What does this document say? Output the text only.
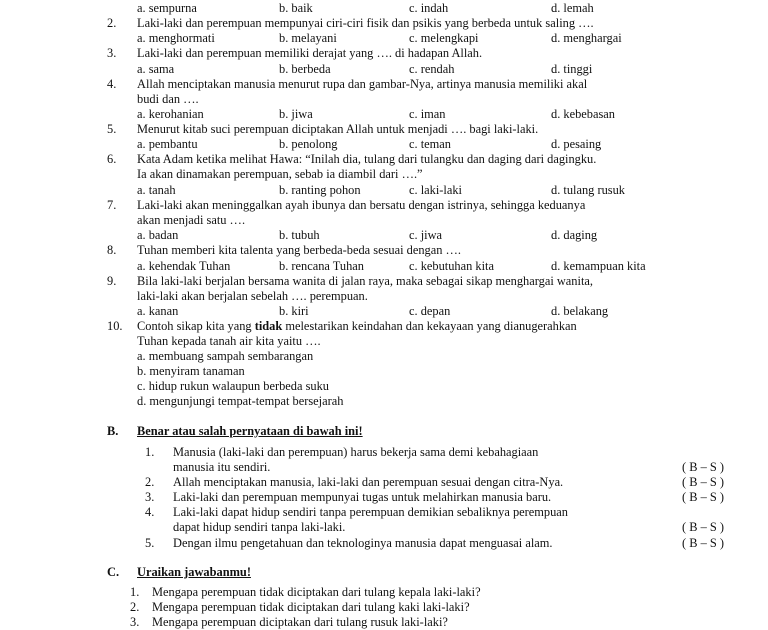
a. sempurna	b. baik	c. indah	d. lemah
2. Laki-laki dan perempuan mempunyai ciri-ciri fisik dan psikis yang berbeda untuk saling ….
a. menghormati	b. melayani	c. melengkapi	d. menghargai
3. Laki-laki dan perempuan memiliki derajat yang …. di hadapan Allah.
a. sama	b. berbeda	c. rendah	d. tinggi
4. Allah menciptakan manusia menurut rupa dan gambar-Nya, artinya manusia memiliki akal
budi dan ….
a. kerohanian	b. jiwa	c. iman	d. kebebasan
5. Menurut kitab suci perempuan diciptakan Allah untuk menjadi …. bagi laki-laki.
a. pembantu	b. penolong	c. teman	d. pesaing
6. Kata Adam ketika melihat Hawa: “Inilah dia, tulang dari tulangku dan daging dari dagingku.
Ia akan dinamakan perempuan, sebab ia diambil dari ….”
a. tanah	b. ranting pohon	c. laki-laki	d. tulang rusuk
7. Laki-laki akan meninggalkan ayah ibunya dan bersatu dengan istrinya, sehingga keduanya
akan menjadi satu ….
a. badan	b. tubuh	c. jiwa	d. daging
8. Tuhan memberi kita talenta yang berbeda-beda sesuai dengan ….
a. kehendak Tuhan	b. rencana Tuhan	c. kebutuhan kita	d. kemampuan kita
9. Bila laki-laki berjalan bersama wanita di jalan raya, maka sebagai sikap menghargai wanita,
laki-laki akan berjalan sebelah …. perempuan.
a. kanan	b. kiri	c. depan	d. belakang
10. Contoh sikap kita yang tidak melestarikan keindahan dan kekayaan yang dianugerahkan
Tuhan kepada tanah air kita yaitu ….
a. membuang sampah sembarangan
b. menyiram tanaman
c. hidup rukun walaupun berbeda suku
d. mengunjungi tempat-tempat bersejarah
B. Benar atau salah pernyataan di bawah ini!
1. Manusia (laki-laki dan perempuan) harus bekerja sama demi kebahagiaan
manusia itu sendiri.	( B – S )
2. Allah menciptakan manusia, laki-laki dan perempuan sesuai dengan citra-Nya.	( B – S )
3. Laki-laki dan perempuan mempunyai tugas untuk melahirkan manusia baru.	( B – S )
4. Laki-laki dapat hidup sendiri tanpa perempuan demikian sebaliknya perempuan
dapat hidup sendiri tanpa laki-laki.	( B – S )
5. Dengan ilmu pengetahuan dan teknologinya manusia dapat menguasai alam.	( B – S )
C. Uraikan jawabanmu!
1. Mengapa perempuan tidak diciptakan dari tulang kepala laki-laki?
2. Mengapa perempuan tidak diciptakan dari tulang kaki laki-laki?
3. Mengapa perempuan diciptakan dari tulang rusuk laki-laki?
